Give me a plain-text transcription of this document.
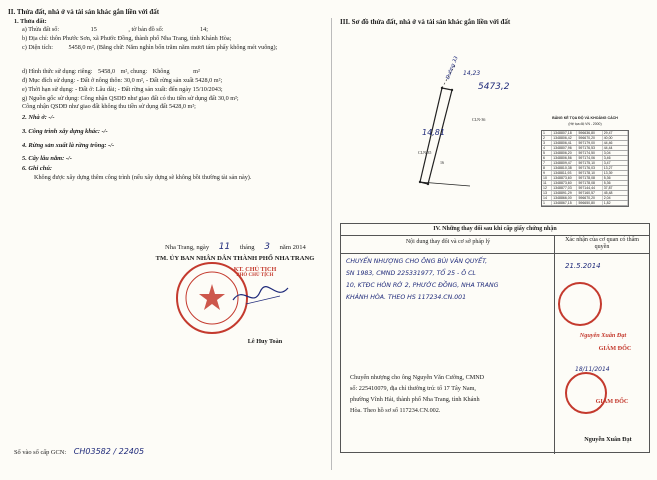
II. Thửa đất, nhà ở và tài sản khác gắn liền với đất
1. Thửa đất:
a) Thửa đất số:	15	, tờ bản đồ số:	14;
b) Địa chỉ: thôn Phước Sơn, xã Phước Đồng, thành phố Nha Trang, tỉnh Khánh Hòa;
c) Diện tích:	5458,0 m², (Bằng chữ: Năm nghìn bốn trăm năm mươi tám phẩy không mét vuông);
d) Hình thức sử dụng: riêng: 5458,0 m², chung: Không	m²
đ) Mục đích sử dụng: - Đất ở nông thôn: 30,0 m², - Đất rừng sản xuất 5428,0 m²;
e) Thời hạn sử dụng: - Đất ở: Lâu dài; - Đất rừng sản xuất: đến ngày 15/10/2043;
g) Nguồn gốc sử dụng: Công nhận QSDĐ như giao đất có thu tiền sử dụng đất 30,0 m²;
Công nhận QSDĐ như giao đất không thu tiền sử dụng đất 5428,0 m²;
2. Nhà ở: -/-
3. Công trình xây dựng khác: -/-
4. Rừng sản xuất là rừng trồng: -/-
5. Cây lâu năm: -/-
6. Ghi chú:
Không được xây dựng thêm công trình (nếu xây dựng sẽ không bồi thường tài sản này).
Nha Trang, ngày 11 tháng 3 năm 2014
TM. ỦY BAN NHÂN DÂN THÀNH PHỐ NHA TRANG
KT. CHỦ TỊCH
PHÓ CHỦ TỊCH
Lê Huy Toàn
Số vào sổ cấp GCN: CH03582 / 22405
III. Sơ đồ thửa đất, nhà ở và tài sản khác gắn liền với đất
Đường 33 14,23
5473,2
14,81
CLN-36
CLN-35
16
BẢNG KÊ TỌA ĐỘ VÀ KHOẢNG CÁCH
(Hệ tọa độ VN - 2000)
1	1348807,18	596636,80	29,47
2	1348806,42	596670,20	40,00
3	1348806,41	597179,00	44,46
4	1348807,96	597176,53	44,44
5	1348806,20	597174,50	3,04
6	1348806,56	597174,06	3,46
7	1348809,47	597175,10	3,47
8	1348810,38	597176,03	13,27
9	1348811,93	597178,10	13,39
10	1348873,60	597178,08	5,36
11	1348873,60	597178,08	5,36
12	1348877,03	597144,44	37,87
13	1348891,29	597160,57	45,48
14	1348866,00	596670,20	2,04
1	1348867,15	596650,80	1,82
IV. Những thay đổi sau khi cấp giấy chứng nhận
Nội dung thay đổi và cơ sở pháp lý	Xác nhận của cơ quan có thẩm quyền
CHUYỂN NHƯỢNG CHO ÔNG BÙI VĂN QUYẾT,
SN 1983, CMND 225331977, TỔ 25 - Ô CL
10, KTĐC HÒN RỚ 2, PHƯỚC ĐỒNG, NHA TRANG
KHÁNH HÒA. THEO HS 117234.CN.001
21.5.2014
Nguyễn Xuân Đạt
GIÁM ĐỐC
Chuyển nhượng cho ông Nguyễn Văn Cường, CMND
số: 225410079, địa chỉ thường trú: tổ 17 Tây Nam,
phường Vĩnh Hải, thành phố Nha Trang, tỉnh Khánh
Hòa. Theo hồ sơ số 117234.CN.002.
18/11/2014
GIÁM ĐỐC
Nguyễn Xuân Đạt
